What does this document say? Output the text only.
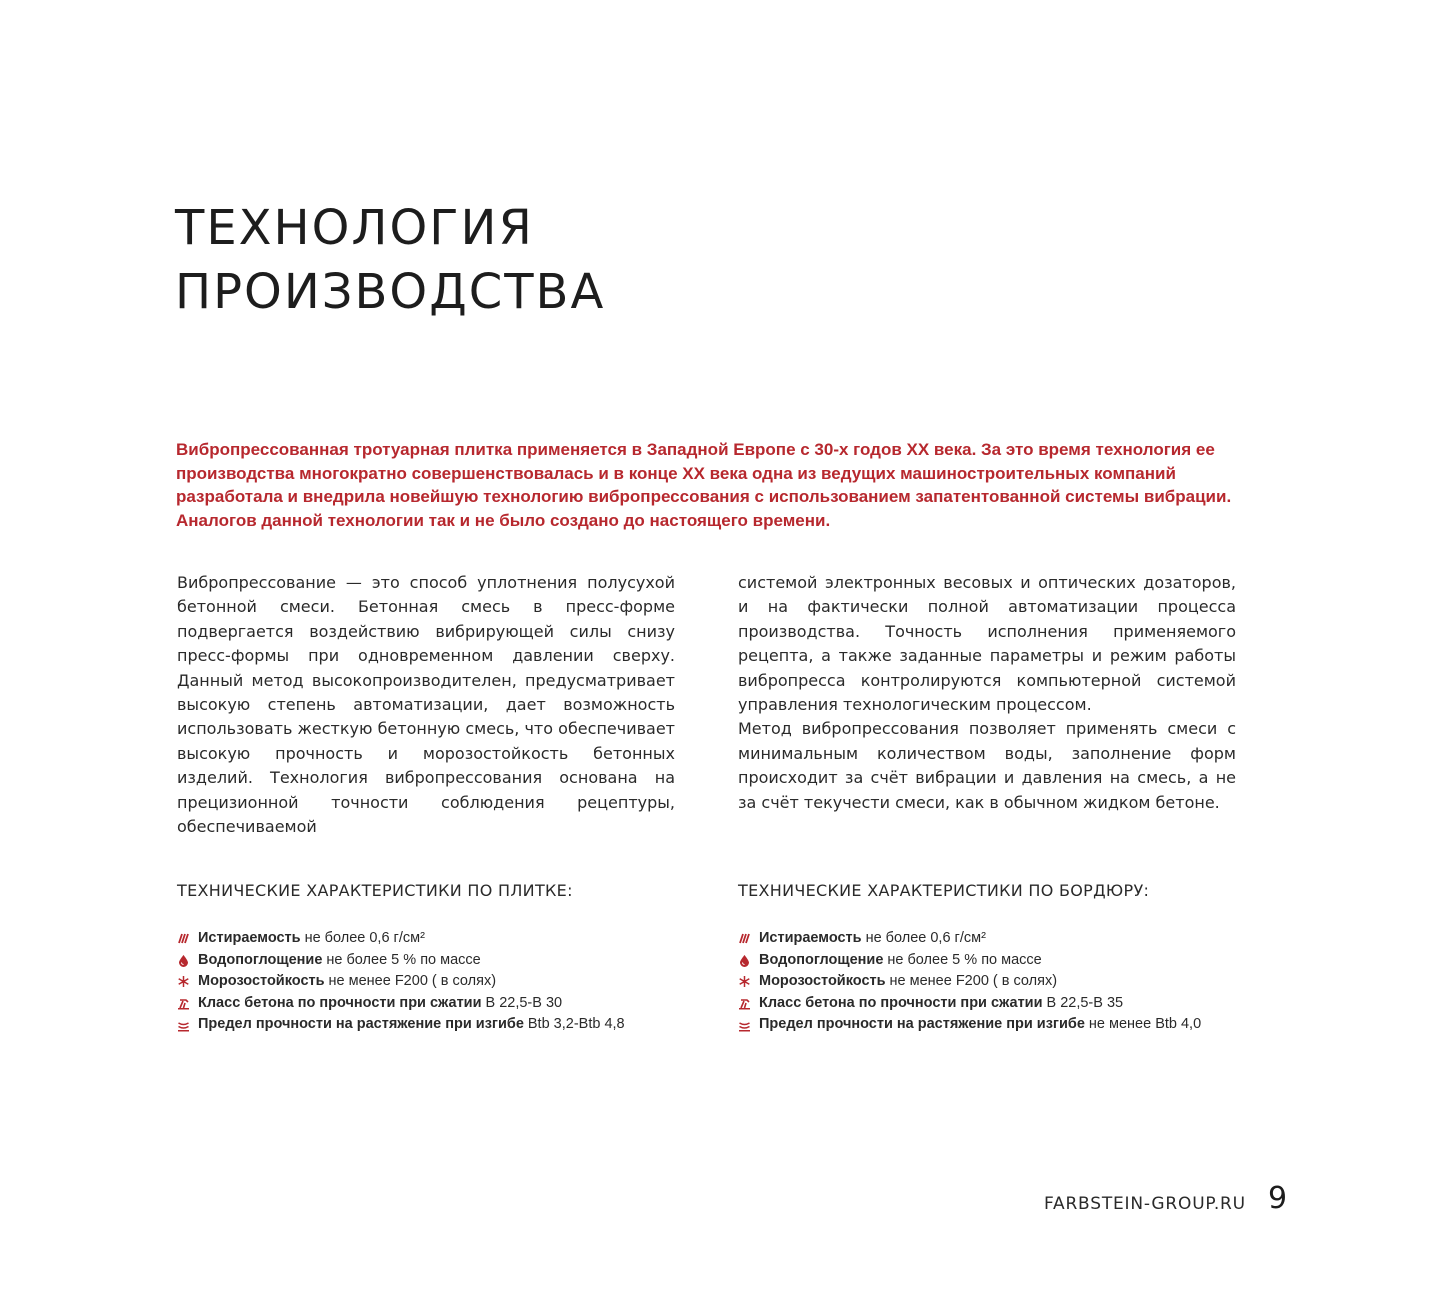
ТЕХНОЛОГИЯ
ПРОИЗВОДСТВА

Вибропрессованная тротуарная плитка применяется в Западной Европе с 30-х годов XX века. За это время технология ее производства многократно совершенствовалась и в конце XX века одна из ведущих машиностроительных компаний разработала и внедрила новейшую технологию вибропрессования с использованием запатентованной системы вибрации. Аналогов данной технологии так и не было создано до настоящего времени.

Вибропрессование — это способ уплотнения полусухой бетонной смеси. Бетонная смесь в пресс-форме подвергается воздействию вибрирующей силы снизу пресс-формы при одновременном давлении сверху. Данный метод высокопроизводителен, предусматривает высокую степень автоматизации, дает возможность использовать жесткую бетонную смесь, что обеспечивает высокую прочность и морозостойкость бетонных изделий. Технология вибропрессования основана на прецизионной точности соблюдения рецептуры, обеспечиваемой

системой электронных весовых и оптических дозаторов, и на фактически полной автоматизации процесса производства. Точность исполнения применяемого рецепта, а также заданные параметры и режим работы вибропресса контролируются компьютерной системой управления технологическим процессом.

Метод вибропрессования позволяет применять смеси с минимальным количеством воды, заполнение форм происходит за счёт вибрации и давления на смесь, а не за счёт текучести смеси, как в обычном жидком бетоне.

ТЕХНИЧЕСКИЕ ХАРАКТЕРИСТИКИ ПО ПЛИТКЕ:
Истираемость не более 0,6 г/см²
Водопоглощение не более 5 % по массе
Морозостойкость не менее F200 ( в солях)
Класс бетона по прочности при сжатии В 22,5-В 30
Предел прочности на растяжение при изгибе Btb 3,2-Btb 4,8
ТЕХНИЧЕСКИЕ ХАРАКТЕРИСТИКИ ПО БОРДЮРУ:
Истираемость не более 0,6 г/см²
Водопоглощение не более 5 % по массе
Морозостойкость не менее F200 ( в солях)
Класс бетона по прочности при сжатии В 22,5-В 35
Предел прочности на растяжение при изгибе не менее Btb 4,0
FARBSTEIN-GROUP.RU 9
